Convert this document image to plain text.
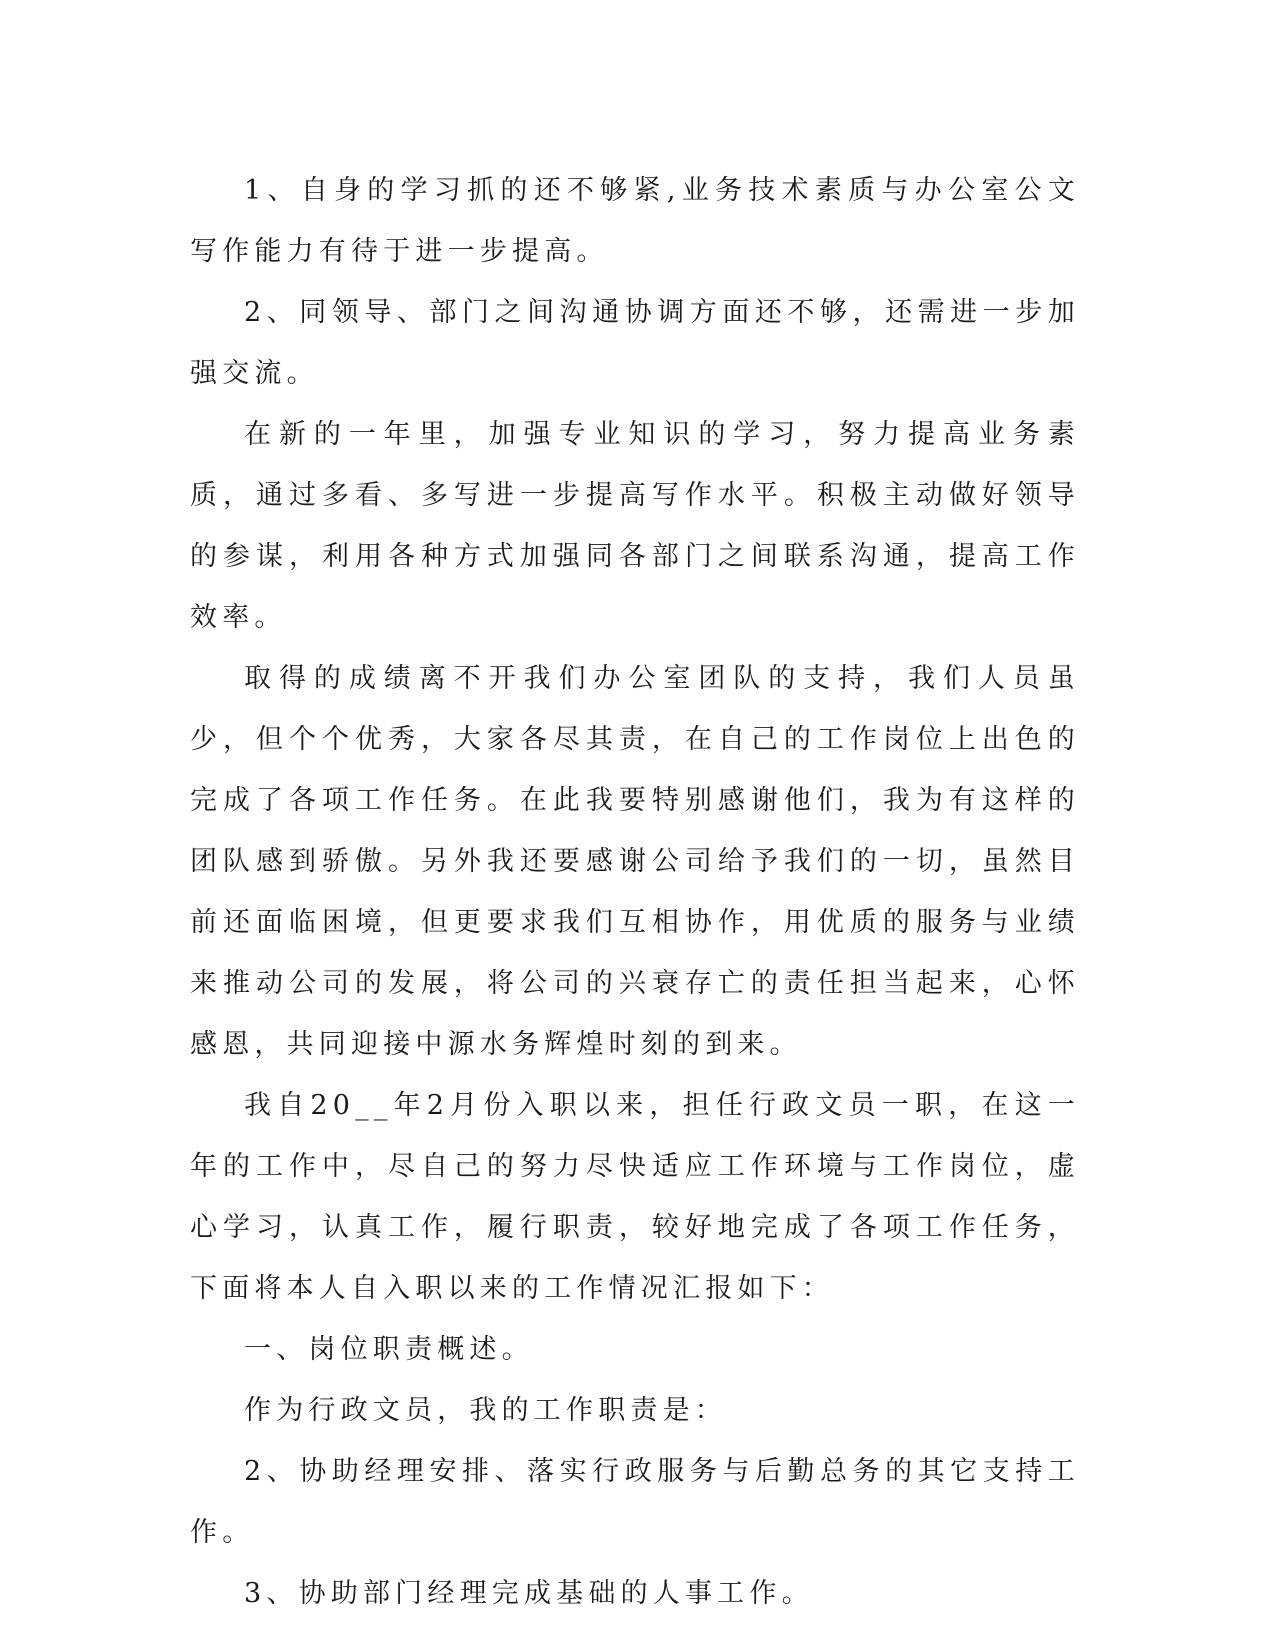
1、自身的学习抓的还不够紧,业务技术素质与办公室公文写作能力有待于进一步提高。

2、同领导、部门之间沟通协调方面还不够，还需进一步加强交流。

在新的一年里，加强专业知识的学习，努力提高业务素质，通过多看、多写进一步提高写作水平。积极主动做好领导的参谋，利用各种方式加强同各部门之间联系沟通，提高工作效率。

取得的成绩离不开我们办公室团队的支持，我们人员虽少，但个个优秀，大家各尽其责，在自己的工作岗位上出色的完成了各项工作任务。在此我要特别感谢他们，我为有这样的团队感到骄傲。另外我还要感谢公司给予我们的一切，虽然目前还面临困境，但更要求我们互相协作，用优质的服务与业绩来推动公司的发展，将公司的兴衰存亡的责任担当起来，心怀感恩，共同迎接中源水务辉煌时刻的到来。

我自20__年2月份入职以来，担任行政文员一职，在这一年的工作中，尽自己的努力尽快适应工作环境与工作岗位，虚心学习，认真工作，履行职责，较好地完成了各项工作任务，下面将本人自入职以来的工作情况汇报如下：

一、岗位职责概述。

作为行政文员，我的工作职责是：

2、协助经理安排、落实行政服务与后勤总务的其它支持工作。

3、协助部门经理完成基础的人事工作。
